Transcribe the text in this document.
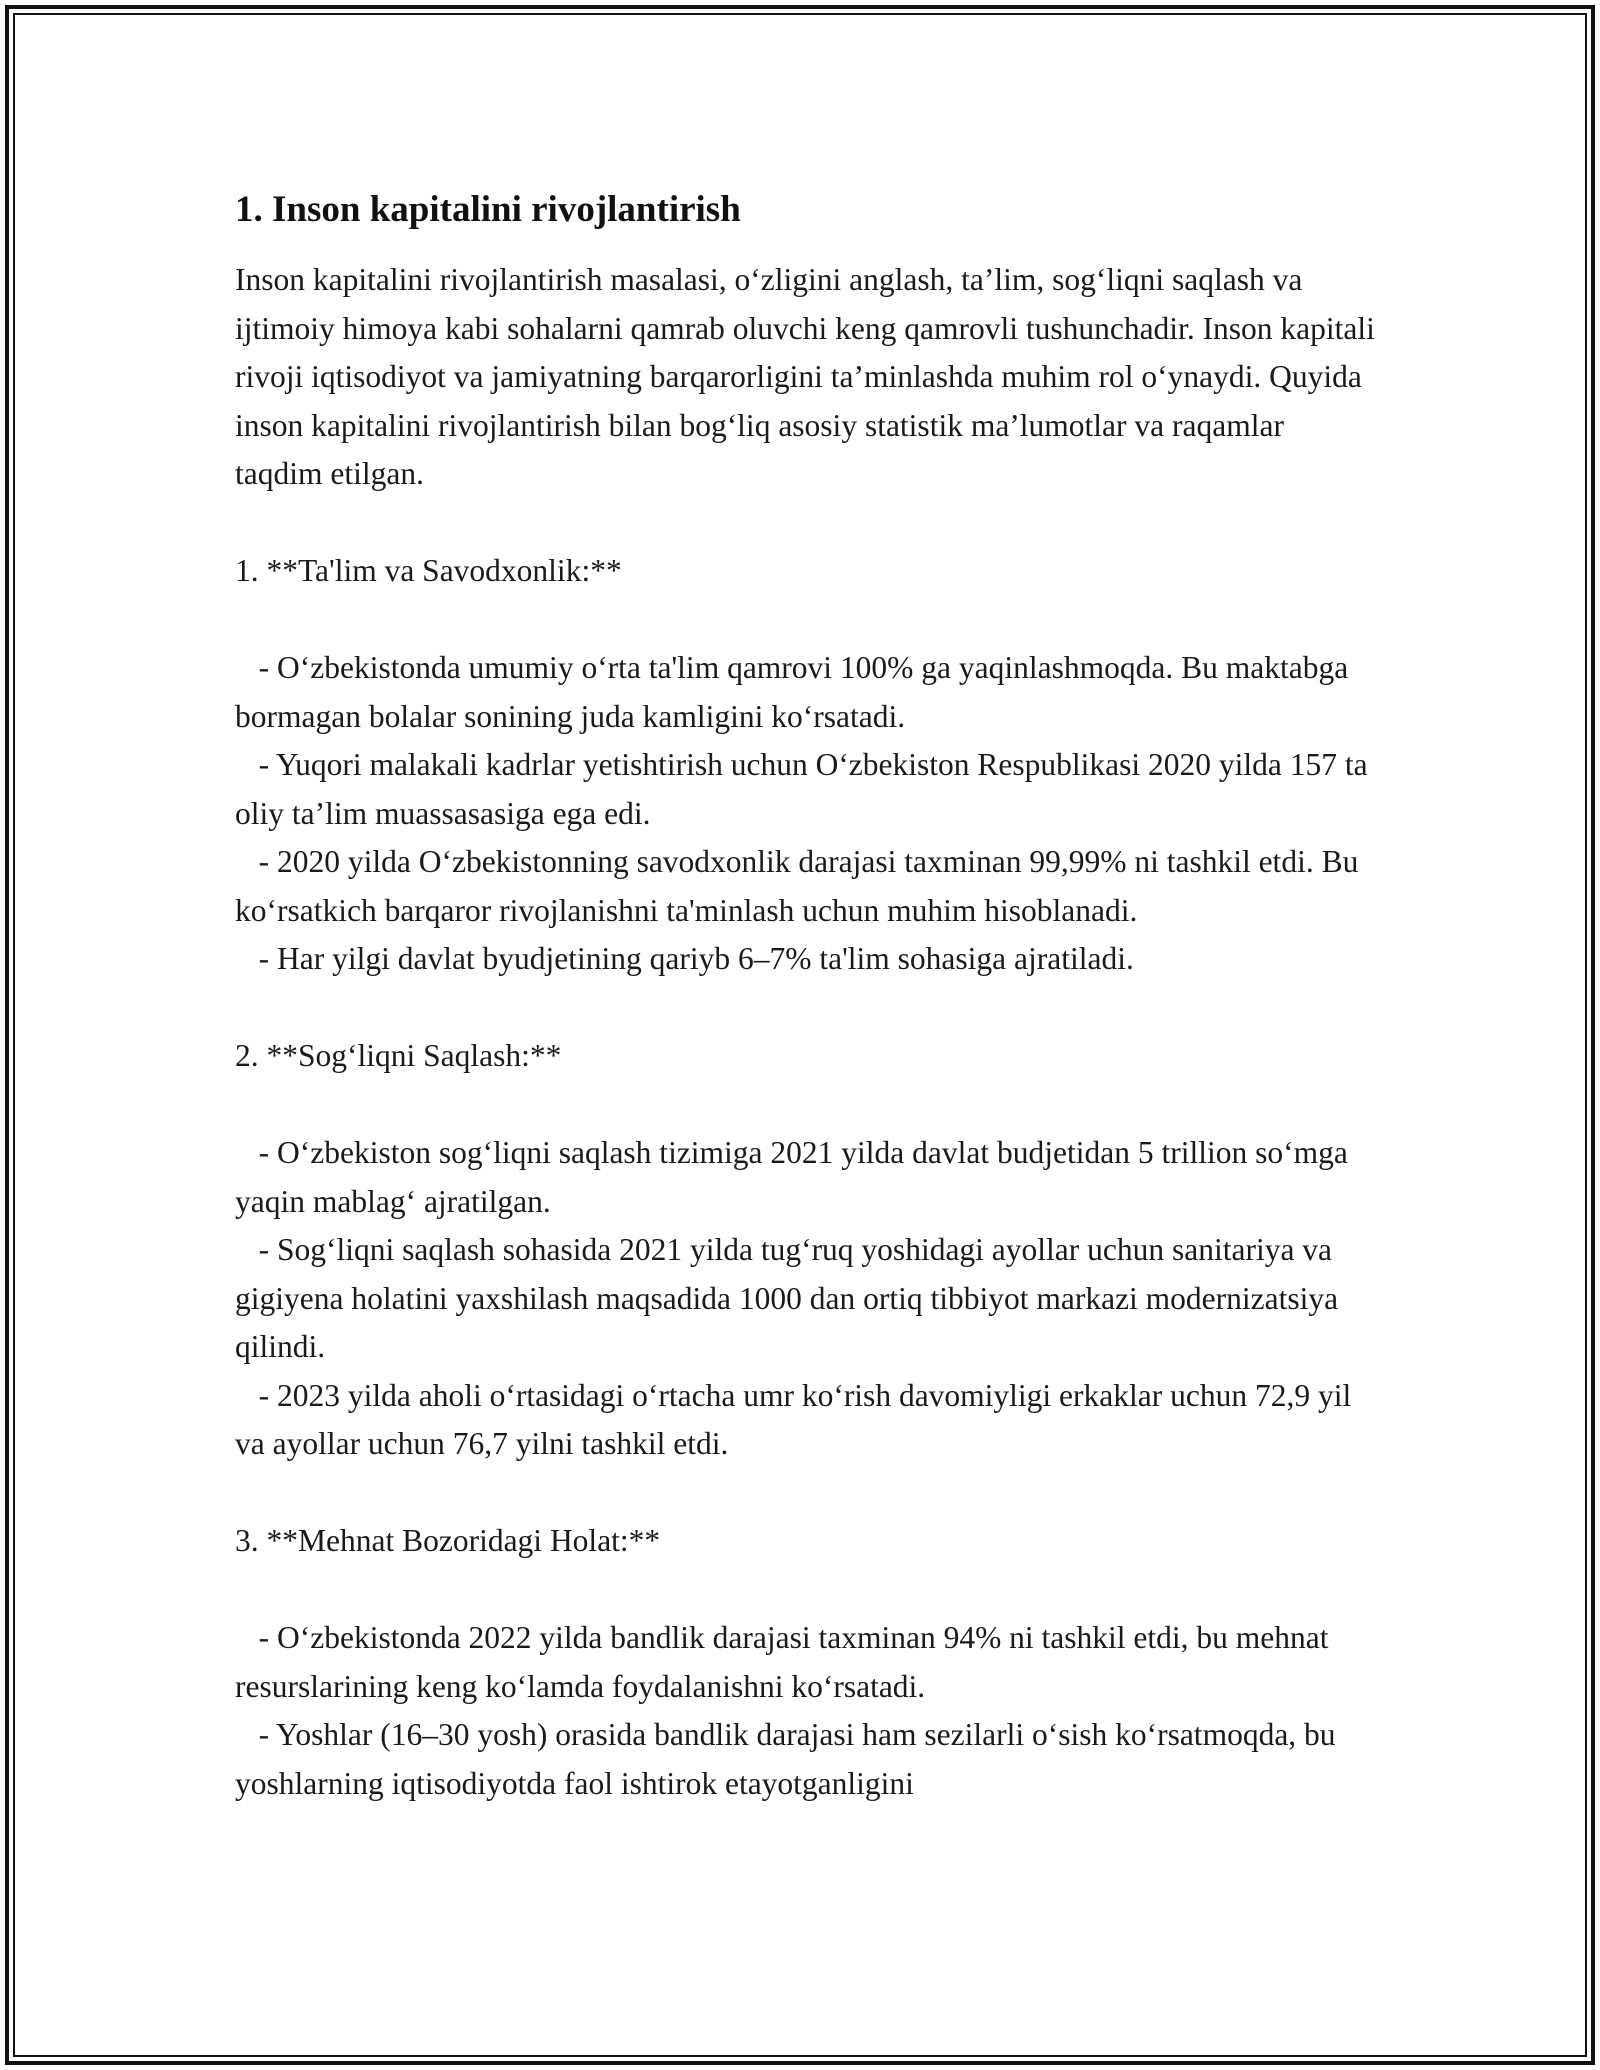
1. Inson kapitalini rivojlantirish

Inson kapitalini rivojlantirish masalasi, o‘zligini anglash, ta’lim, sog‘liqni saqlash va ijtimoiy himoya kabi sohalarni qamrab oluvchi keng qamrovli tushunchadir. Inson kapitali rivoji iqtisodiyot va jamiyatning barqarorligini ta’minlashda muhim rol o‘ynaydi. Quyida inson kapitalini rivojlantirish bilan bog‘liq asosiy statistik ma’lumotlar va raqamlar taqdim etilgan.

1. **Ta'lim va Savodxonlik:**

- O‘zbekistonda umumiy o‘rta ta'lim qamrovi 100% ga yaqinlashmoqda. Bu maktabga bormagan bolalar sonining juda kamligini ko‘rsatadi.

- Yuqori malakali kadrlar yetishtirish uchun O‘zbekiston Respublikasi 2020 yilda 157 ta oliy ta’lim muassasasiga ega edi.

- 2020 yilda O‘zbekistonning savodxonlik darajasi taxminan 99,99% ni tashkil etdi. Bu ko‘rsatkich barqaror rivojlanishni ta'minlash uchun muhim hisoblanadi.

- Har yilgi davlat byudjetining qariyb 6–7% ta'lim sohasiga ajratiladi.

2. **Sog‘liqni Saqlash:**

- O‘zbekiston sog‘liqni saqlash tizimiga 2021 yilda davlat budjetidan 5 trillion so‘mga yaqin mablag‘ ajratilgan.

- Sog‘liqni saqlash sohasida 2021 yilda tug‘ruq yoshidagi ayollar uchun sanitariya va gigiyena holatini yaxshilash maqsadida 1000 dan ortiq tibbiyot markazi modernizatsiya qilindi.

- 2023 yilda aholi o‘rtasidagi o‘rtacha umr ko‘rish davomiyligi erkaklar uchun 72,9 yil va ayollar uchun 76,7 yilni tashkil etdi.

3. **Mehnat Bozoridagi Holat:**

- O‘zbekistonda 2022 yilda bandlik darajasi taxminan 94% ni tashkil etdi, bu mehnat resurslarining keng ko‘lamda foydalanishni ko‘rsatadi.

- Yoshlar (16–30 yosh) orasida bandlik darajasi ham sezilarli o‘sish ko‘rsatmoqda, bu yoshlarning iqtisodiyotda faol ishtirok etayotganligini
